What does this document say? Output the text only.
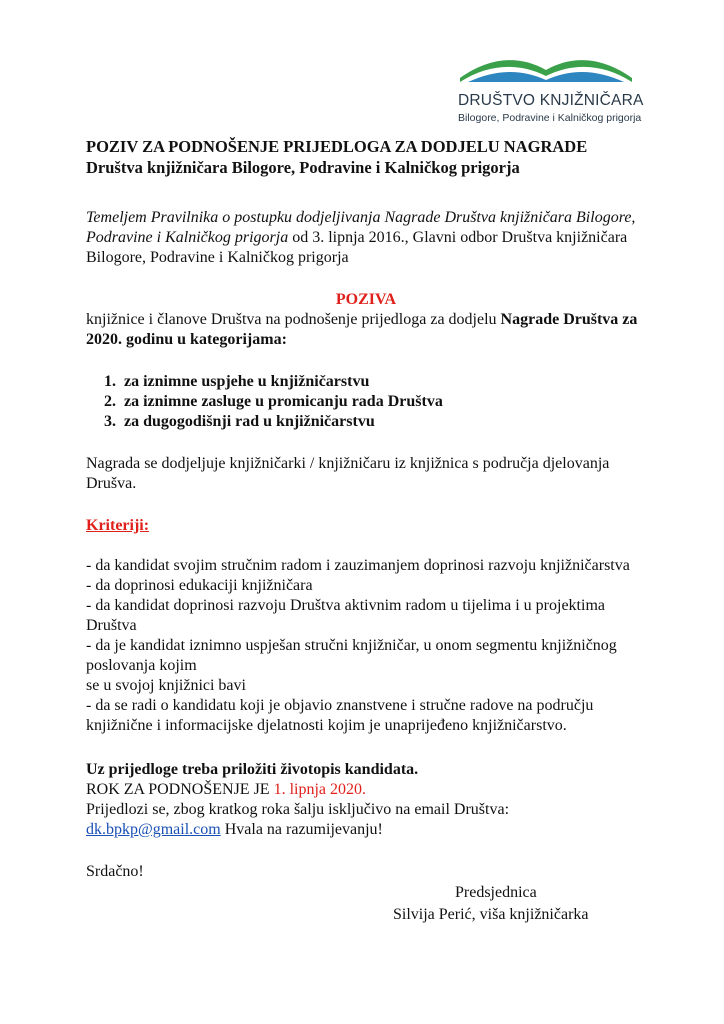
DRUŠTVO KNJIŽNIČARA
Bilogore, Podravine i Kalničkog prigorja

POZIV ZA PODNOŠENJE PRIJEDLOGA ZA DODJELU NAGRADE Društva knjižničara Bilogore, Podravine i Kalničkog prigorja

Temeljem Pravilnika o postupku dodjeljivanja Nagrade Društva knjižničara Bilogore, Podravine i Kalničkog prigorja od 3. lipnja 2016., Glavni odbor Društva knjižničara Bilogore, Podravine i Kalničkog prigorja
POZIVA
knjižnice i članove Društva na podnošenje prijedloga za dodjelu Nagrade Društva za 2020. godinu u kategorijama:
1. za iznimne uspjehe u knjižničarstvu
2. za iznimne zasluge u promicanju rada Društva
3. za dugogodišnji rad u knjižničarstvu
Nagrada se dodjeljuje knjižničarki / knjižničaru iz knjižnica s područja djelovanja Drušva.
Kriteriji:
- da kandidat svojim stručnim radom i zauzimanjem doprinosi razvoju knjižničarstva
- da doprinosi edukaciji knjižničara
- da kandidat doprinosi razvoju Društva aktivnim radom u tijelima i u projektima Društva
- da je kandidat iznimno uspješan stručni knjižničar, u onom segmentu knjižničnog poslovanja kojim
se u svojoj knjižnici bavi
- da se radi o kandidatu koji je objavio znanstvene i stručne radove na području knjižnične i informacijske djelatnosti kojim je unaprijeđeno knjižničarstvo.
Uz prijedloge treba priložiti životopis kandidata.
ROK ZA PODNOŠENJE JE 1. lipnja 2020.
Prijedlozi se, zbog kratkog roka šalju isključivo na email Društva:
dk.bpkp@gmail.com Hvala na razumijevanju!
Srdačno!
Predsjednica
Silvija Perić, viša knjižničarka
